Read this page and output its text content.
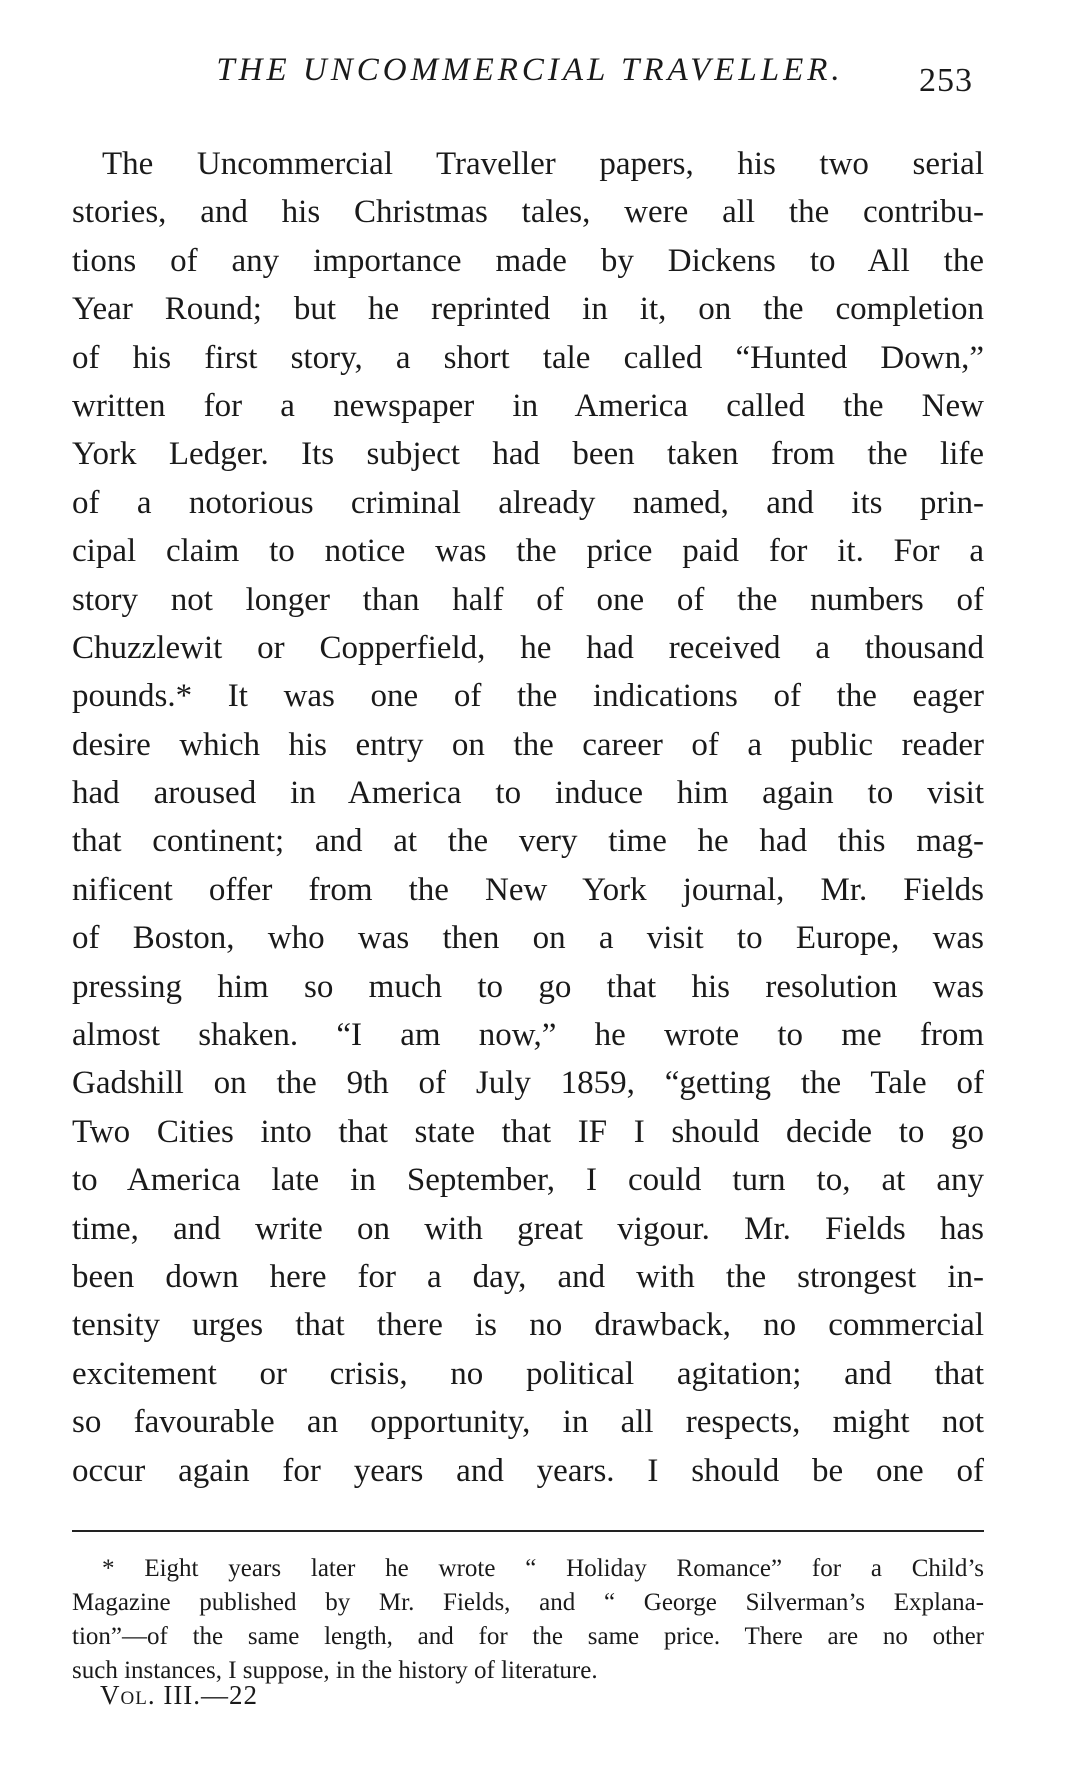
THE UNCOMMERCIAL TRAVELLER.	253
The Uncommercial Traveller papers, his two serial
stories, and his Christmas tales, were all the contribu-
tions of any importance made by Dickens to All the
Year Round; but he reprinted in it, on the completion
of his first story, a short tale called “Hunted Down,”
written for a newspaper in America called the New
York Ledger. Its subject had been taken from the life
of a notorious criminal already named, and its prin-
cipal claim to notice was the price paid for it. For a
story not longer than half of one of the numbers of
Chuzzlewit or Copperfield, he had received a thousand
pounds.* It was one of the indications of the eager
desire which his entry on the career of a public reader
had aroused in America to induce him again to visit
that continent; and at the very time he had this mag-
nificent offer from the New York journal, Mr. Fields
of Boston, who was then on a visit to Europe, was
pressing him so much to go that his resolution was
almost shaken. “I am now,” he wrote to me from
Gadshill on the 9th of July 1859, “getting the Tale of
Two Cities into that state that IF I should decide to go
to America late in September, I could turn to, at any
time, and write on with great vigour. Mr. Fields has
been down here for a day, and with the strongest in-
tensity urges that there is no drawback, no commercial
excitement or crisis, no political agitation; and that
so favourable an opportunity, in all respects, might not
occur again for years and years. I should be one of
* Eight years later he wrote “ Holiday Romance” for a Child’s
Magazine published by Mr. Fields, and “ George Silverman’s Explana-
tion”—of the same length, and for the same price. There are no other
such instances, I suppose, in the history of literature.
Vol. III.—22
